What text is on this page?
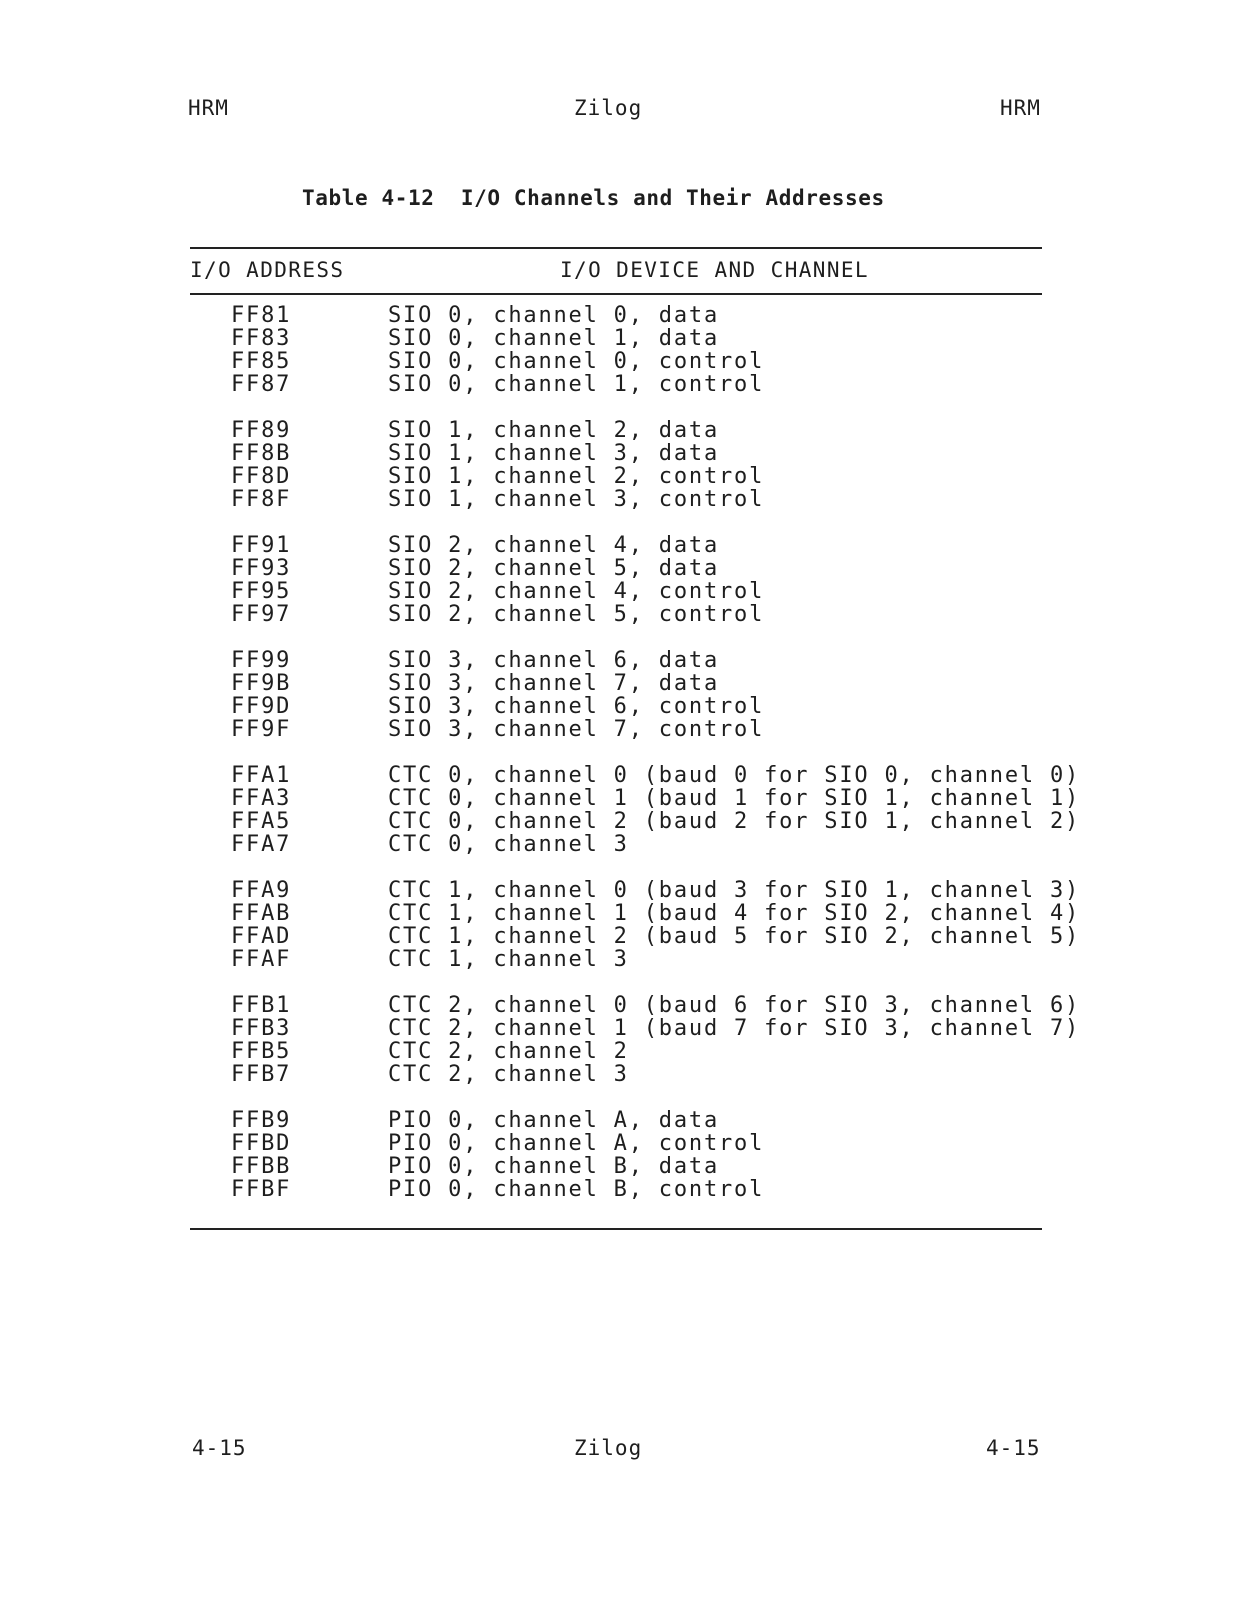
HRM	Zilog	HRM
Table 4-12  I/O Channels and Their Addresses
I/O ADDRESS	I/O DEVICE AND CHANNEL
FF81	SIO 0, channel 0, data
FF83	SIO 0, channel 1, data
FF85	SIO 0, channel 0, control
FF87	SIO 0, channel 1, control
FF89	SIO 1, channel 2, data
FF8B	SIO 1, channel 3, data
FF8D	SIO 1, channel 2, control
FF8F	SIO 1, channel 3, control
FF91	SIO 2, channel 4, data
FF93	SIO 2, channel 5, data
FF95	SIO 2, channel 4, control
FF97	SIO 2, channel 5, control
FF99	SIO 3, channel 6, data
FF9B	SIO 3, channel 7, data
FF9D	SIO 3, channel 6, control
FF9F	SIO 3, channel 7, control
FFA1	CTC 0, channel 0 (baud 0 for SIO 0, channel 0)
FFA3	CTC 0, channel 1 (baud 1 for SIO 1, channel 1)
FFA5	CTC 0, channel 2 (baud 2 for SIO 1, channel 2)
FFA7	CTC 0, channel 3
FFA9	CTC 1, channel 0 (baud 3 for SIO 1, channel 3)
FFAB	CTC 1, channel 1 (baud 4 for SIO 2, channel 4)
FFAD	CTC 1, channel 2 (baud 5 for SIO 2, channel 5)
FFAF	CTC 1, channel 3
FFB1	CTC 2, channel 0 (baud 6 for SIO 3, channel 6)
FFB3	CTC 2, channel 1 (baud 7 for SIO 3, channel 7)
FFB5	CTC 2, channel 2
FFB7	CTC 2, channel 3
FFB9	PIO 0, channel A, data
FFBD	PIO 0, channel A, control
FFBB	PIO 0, channel B, data
FFBF	PIO 0, channel B, control
4-15	Zilog	4-15
